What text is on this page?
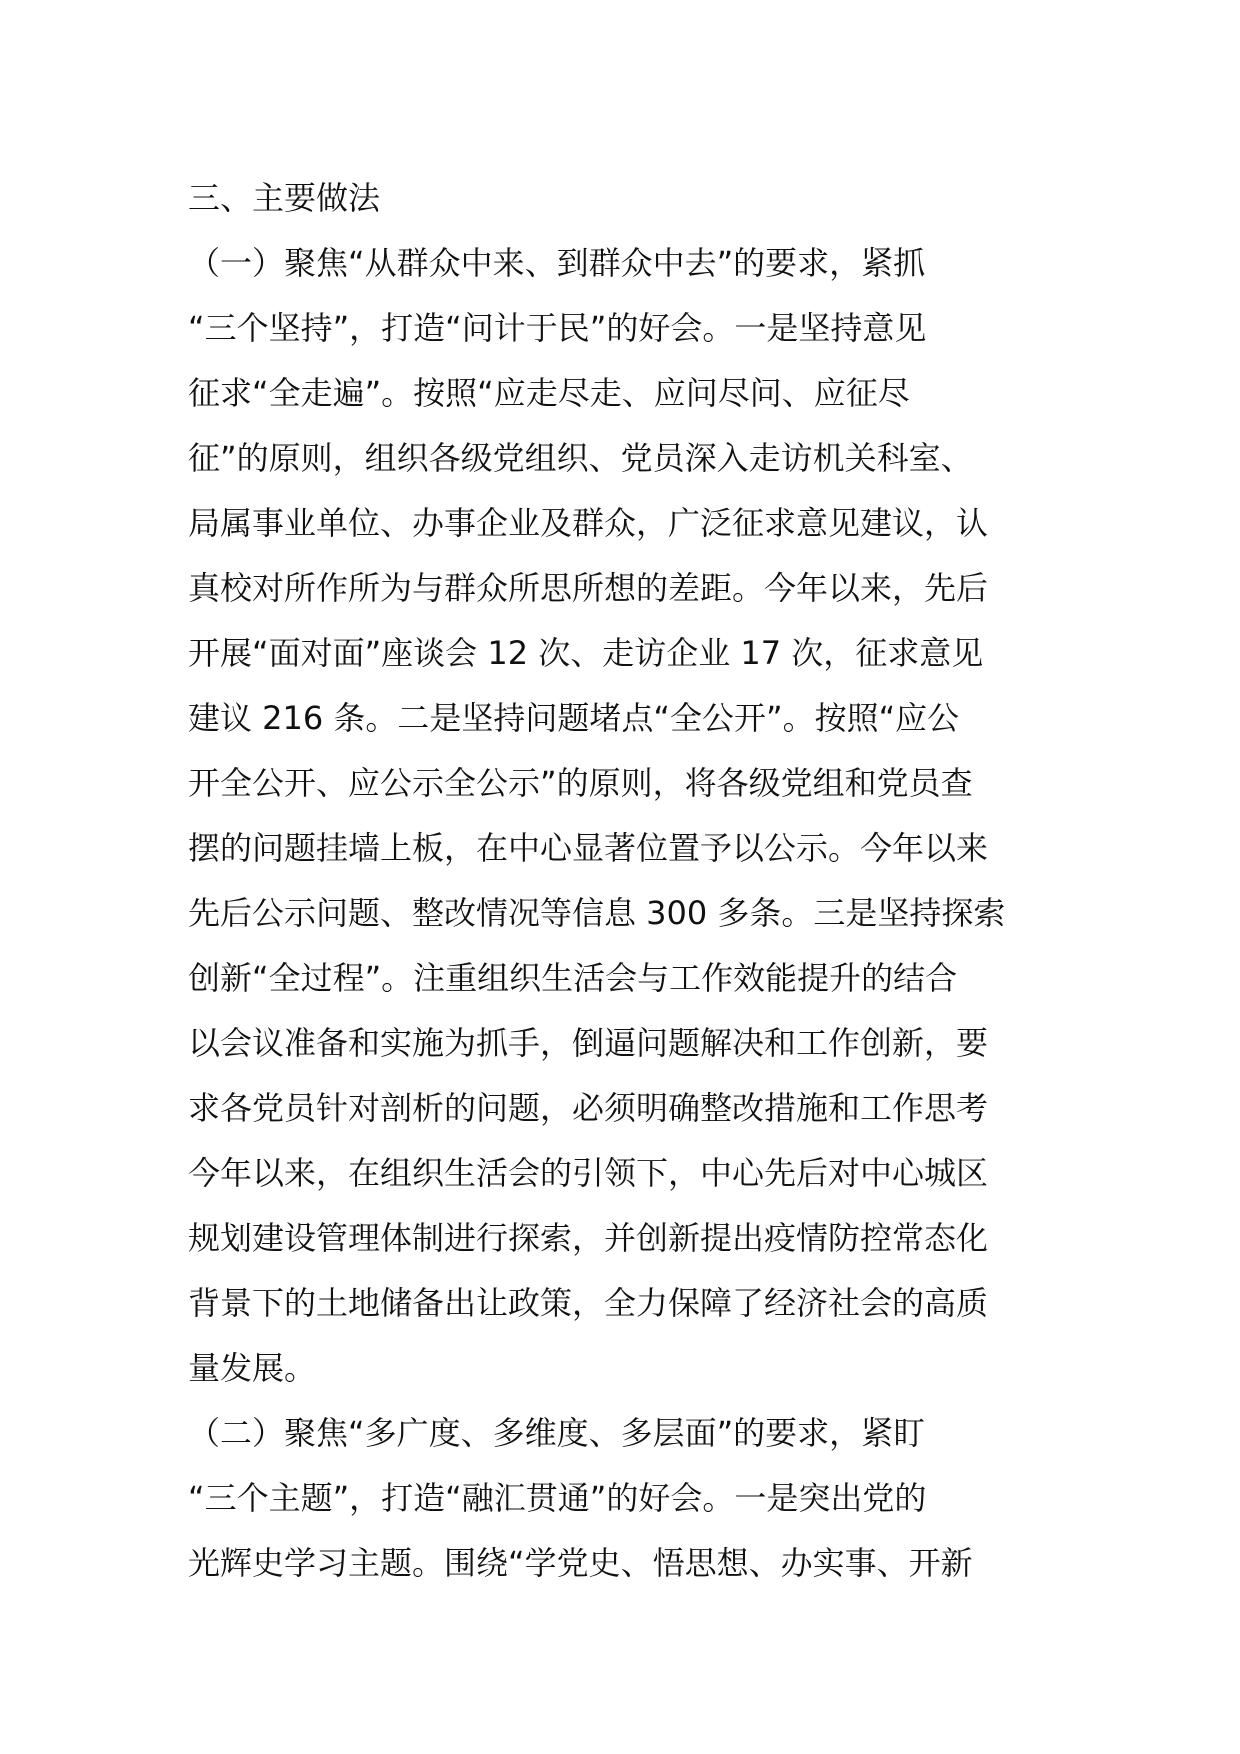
三、主要做法
（一）聚焦“从群众中来、到群众中去”的要求，紧抓
“三个坚持”，打造“问计于民”的好会。一是坚持意见
征求“全走遍”。按照“应走尽走、应问尽问、应征尽
征”的原则，组织各级党组织、党员深入走访机关科室、
局属事业单位、办事企业及群众，广泛征求意见建议，认
真校对所作所为与群众所思所想的差距。今年以来，先后
开展“面对面”座谈会 12 次、走访企业 17 次，征求意见
建议 216 条。二是坚持问题堵点“全公开”。按照“应公
开全公开、应公示全公示”的原则，将各级党组和党员查
摆的问题挂墙上板，在中心显著位置予以公示。今年以来
先后公示问题、整改情况等信息 300 多条。三是坚持探索
创新“全过程”。注重组织生活会与工作效能提升的结合
以会议准备和实施为抓手，倒逼问题解决和工作创新，要
求各党员针对剖析的问题，必须明确整改措施和工作思考
今年以来，在组织生活会的引领下，中心先后对中心城区
规划建设管理体制进行探索，并创新提出疫情防控常态化
背景下的土地储备出让政策，全力保障了经济社会的高质
量发展。
（二）聚焦“多广度、多维度、多层面”的要求，紧盯
“三个主题”，打造“融汇贯通”的好会。一是突出党的
光辉史学习主题。围绕“学党史、悟思想、办实事、开新
